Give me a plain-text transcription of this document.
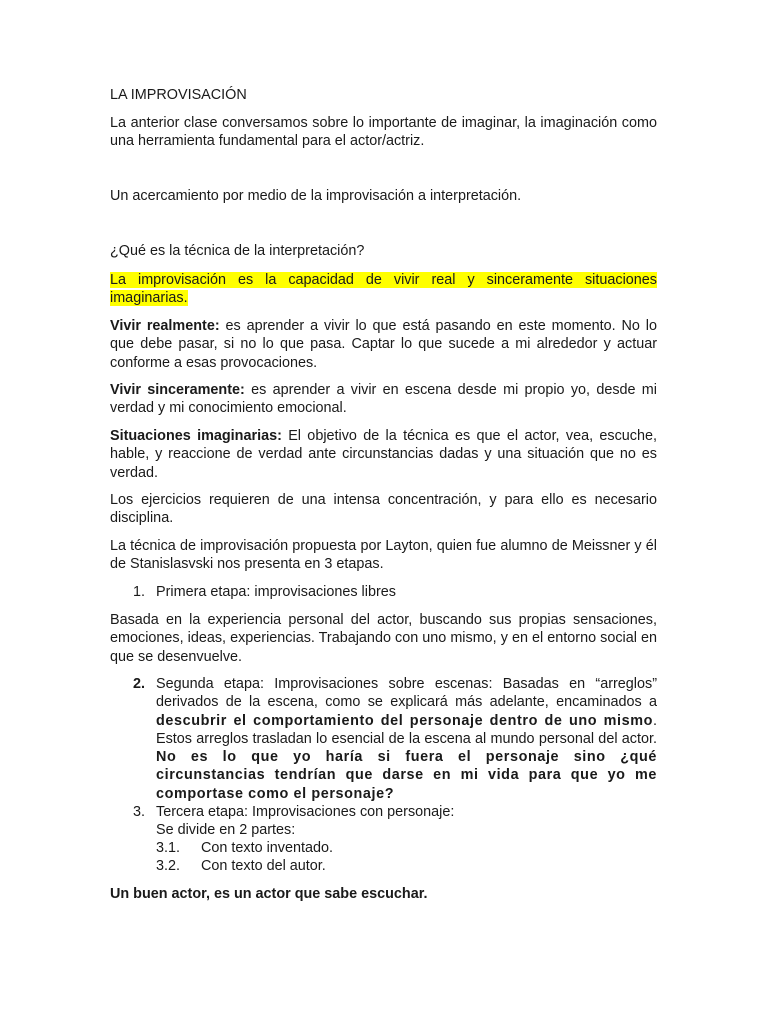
LA IMPROVISACIÓN

La anterior clase conversamos sobre lo importante de imaginar, la imaginación como una herramienta fundamental para el actor/actriz.

Un acercamiento por medio de la improvisación a interpretación.

¿Qué es la técnica de la interpretación?

La improvisación es la capacidad de vivir real y sinceramente situaciones imaginarias.

Vivir realmente: es aprender a vivir lo que está pasando en este momento. No lo que debe pasar, si no lo que pasa. Captar lo que sucede a mi alrededor y actuar conforme a esas provocaciones.

Vivir sinceramente: es aprender a vivir en escena desde mi propio yo, desde mi verdad y mi conocimiento emocional.

Situaciones imaginarias: El objetivo de la técnica es que el actor, vea, escuche, hable, y reaccione de verdad ante circunstancias dadas y una situación que no es verdad.

Los ejercicios requieren de una intensa concentración, y para ello es necesario disciplina.

La técnica de improvisación propuesta por Layton, quien fue alumno de Meissner y él de Stanislasvski nos presenta en 3 etapas.

1. Primera etapa: improvisaciones libres

Basada en la experiencia personal del actor, buscando sus propias sensaciones, emociones, ideas, experiencias. Trabajando con uno mismo, y en el entorno social en que se desenvuelve.

2. Segunda etapa: Improvisaciones sobre escenas: Basadas en “arreglos” derivados de la escena, como se explicará más adelante, encaminados a descubrir el comportamiento del personaje dentro de uno mismo. Estos arreglos trasladan lo esencial de la escena al mundo personal del actor. No es lo que yo haría si fuera el personaje sino ¿qué circunstancias tendrían que darse en mi vida para que yo me comportase como el personaje?

3. Tercera etapa: Improvisaciones con personaje:
Se divide en 2 partes:
3.1. Con texto inventado.
3.2. Con texto del autor.

Un buen actor, es un actor que sabe escuchar.
